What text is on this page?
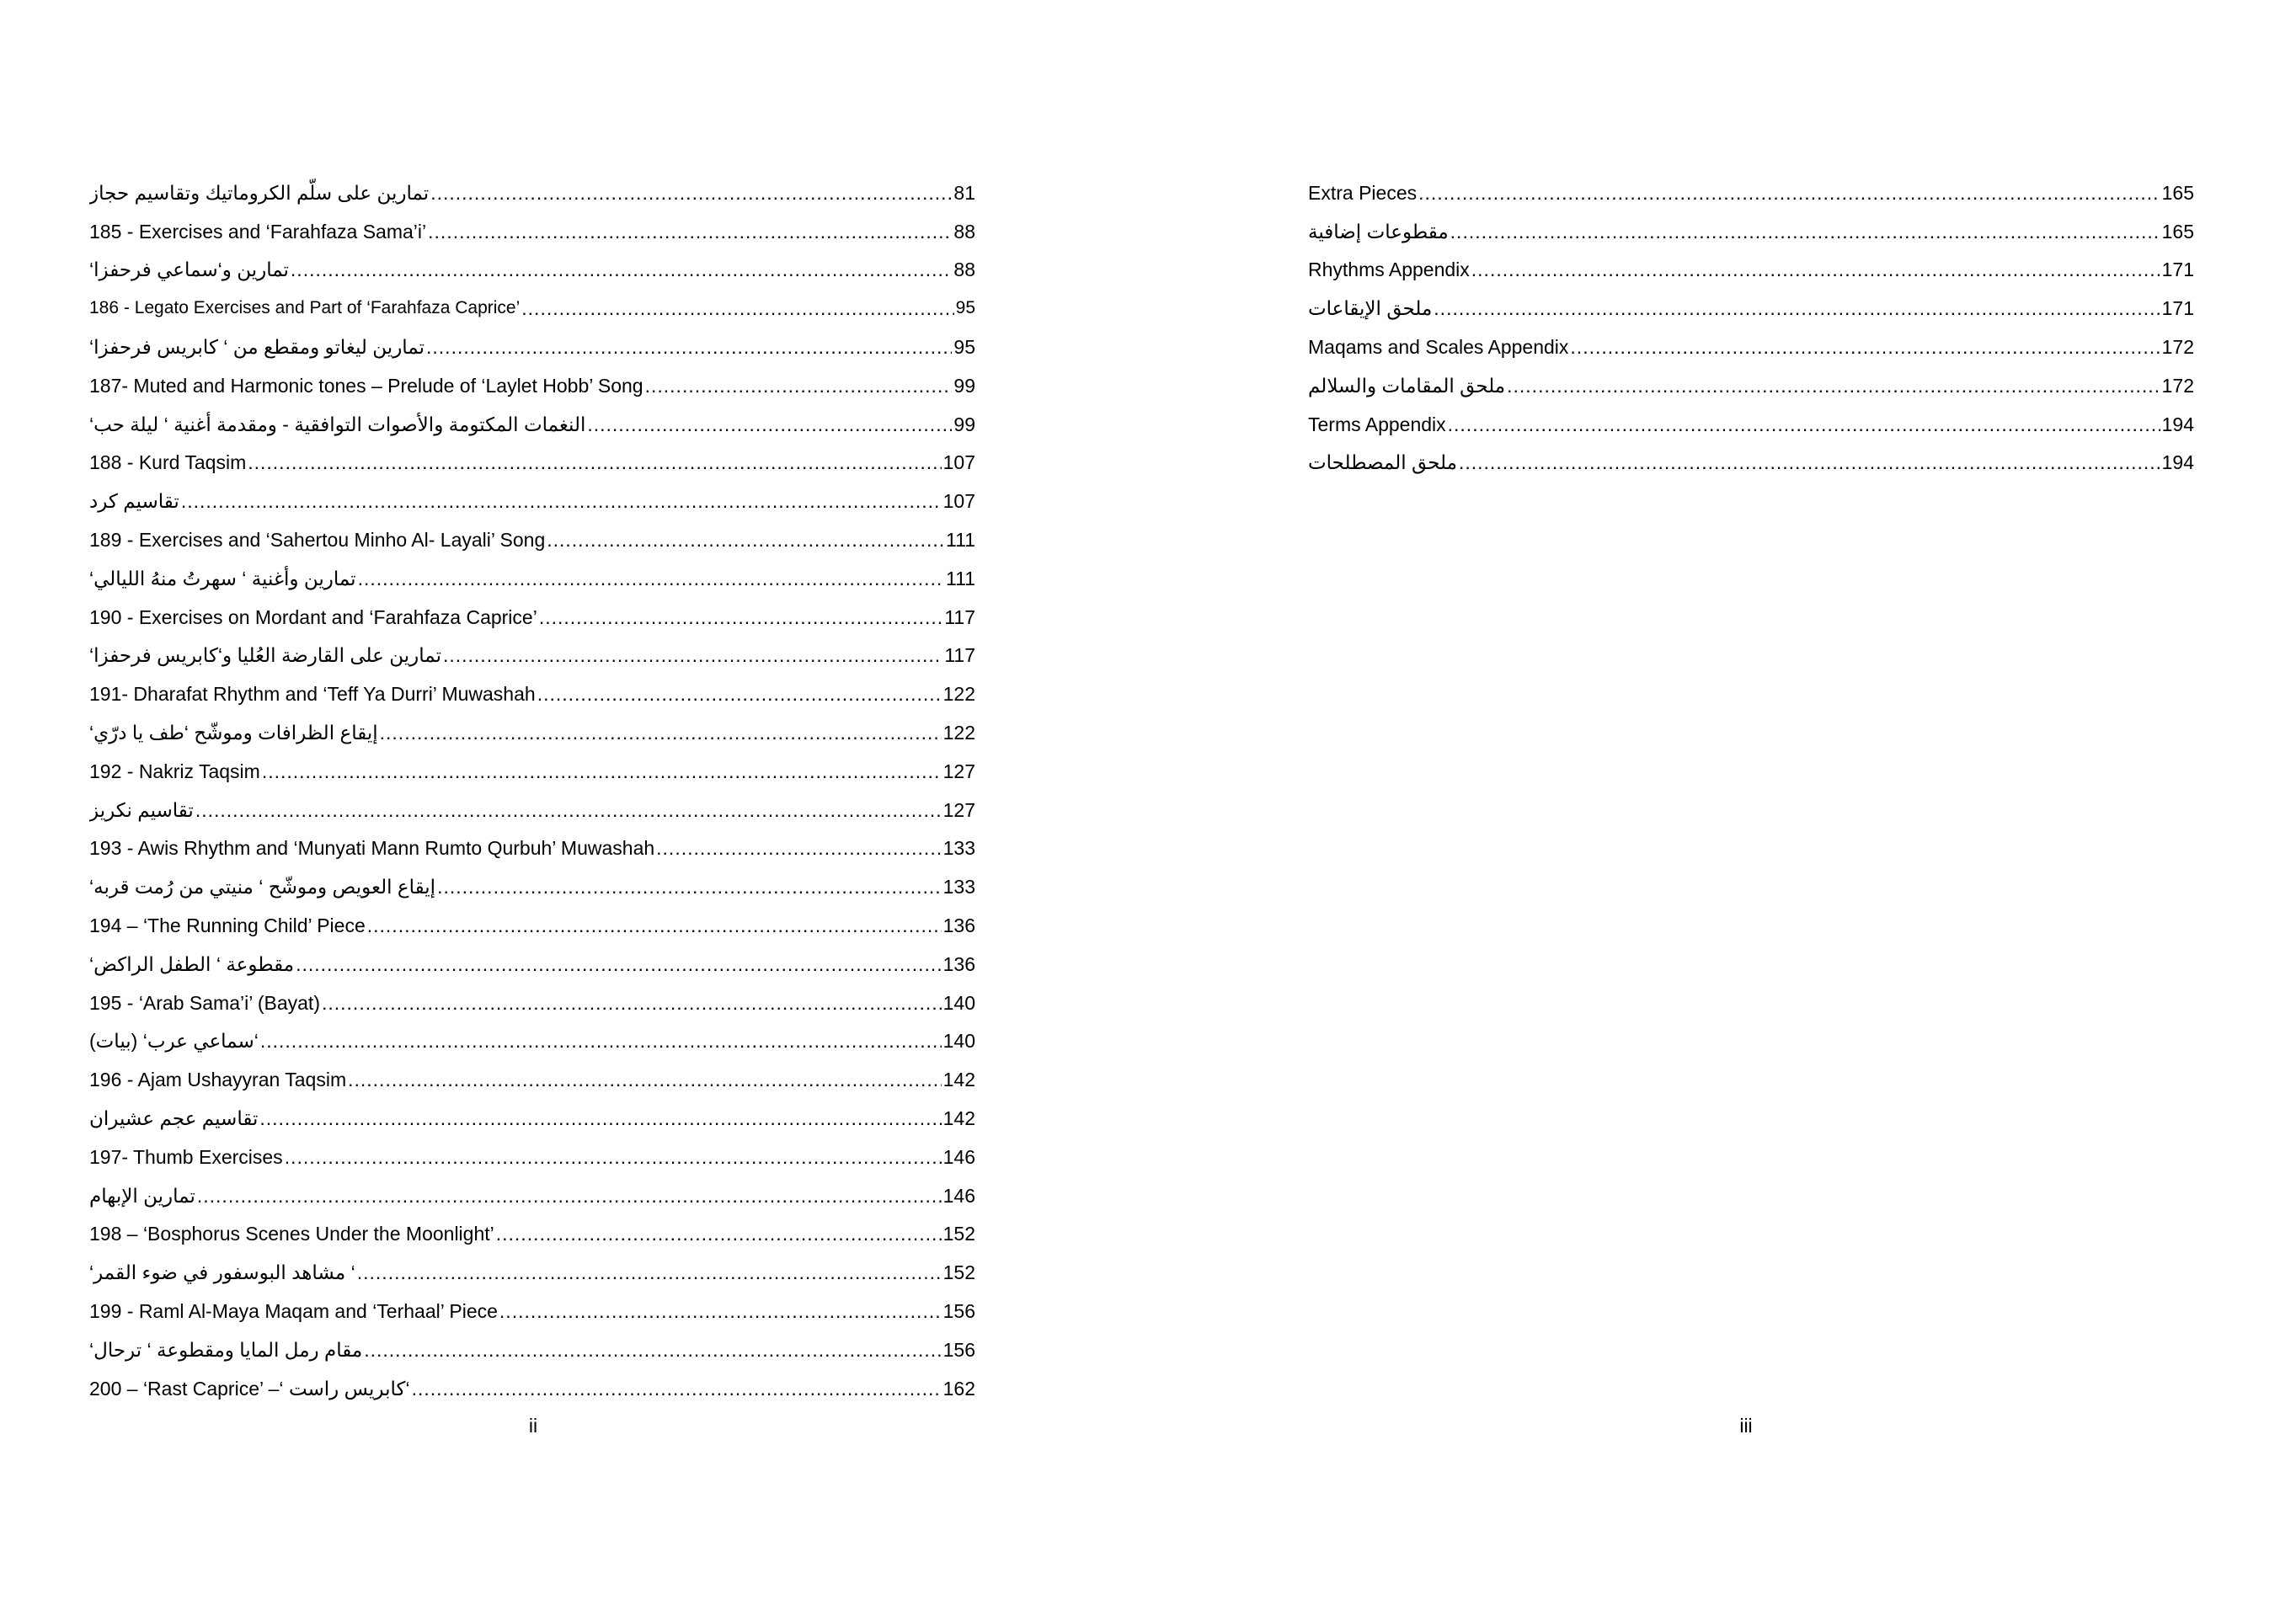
تمارين على سلّم الكروماتيك وتقاسيم حجاز .....	81
185 - Exercises and ‘Farahfaza Sama’i’ .....	88
تمارين و‘سماعي فرحفزا‘ .....	88
186 - Legato Exercises and Part of ‘Farahfaza Caprice’ .....	95
تمارين ليغاتو ومقطع من ‘ كابريس فرحفزا‘ .....	95
187- Muted and Harmonic tones – Prelude of ‘Laylet Hobb’ Song .....	99
النغمات المكتومة والأصوات التوافقية - ومقدمة أغنية ‘ ليلة حب‘ .....	99
188 - Kurd Taqsim .....	107
تقاسيم كرد .....	107
189 - Exercises and ‘Sahertou Minho Al- Layali’ Song .....	111
تمارين وأغنية ‘ سهرتُ منهُ الليالي‘ .....	111
190 - Exercises on Mordant and ‘Farahfaza Caprice’ .....	117
تمارين على القارضة العُليا و‘كابريس فرحفزا‘ .....	117
191- Dharafat Rhythm and ‘Teff Ya Durri’ Muwashah .....	122
إيقاع الظرافات وموشّح ‘طف يا درّي‘ .....	122
192 - Nakriz Taqsim .....	127
تقاسيم نكريز .....	127
193 - Awis Rhythm and ‘Munyati Mann Rumto Qurbuh’ Muwashah .....	133
إيقاع العويص وموشّح ‘ منيتي من رُمت قربه‘ .....	133
194 – ‘The Running Child’ Piece .....	136
مقطوعة ‘ الطفل الراكض‘ .....	136
195 - ‘Arab Sama’i’ (Bayat) .....	140
‘سماعي عرب‘ (بيات) .....	140
196 - Ajam Ushayyran Taqsim .....	142
تقاسيم عجم عشيران .....	142
197- Thumb Exercises .....	146
تمارين الإبهام .....	146
198 – ‘Bosphorus Scenes Under the Moonlight’ .....	152
‘ مشاهد البوسفور في ضوء القمر‘ .....	152
199 - Raml Al-Maya Maqam and ‘Terhaal’ Piece .....	156
مقام رمل المايا ومقطوعة ‘ ترحال‘ .....	156
200 – ‘Rast Caprice’ –‘ كابريس راست‘ .....	162
ii
Extra Pieces .....	165
مقطوعات إضافية .....	165
Rhythms Appendix .....	171
ملحق الإيقاعات .....	171
Maqams and Scales Appendix .....	172
ملحق المقامات والسلالم .....	172
Terms Appendix .....	194
ملحق المصطلحات .....	194
iii
